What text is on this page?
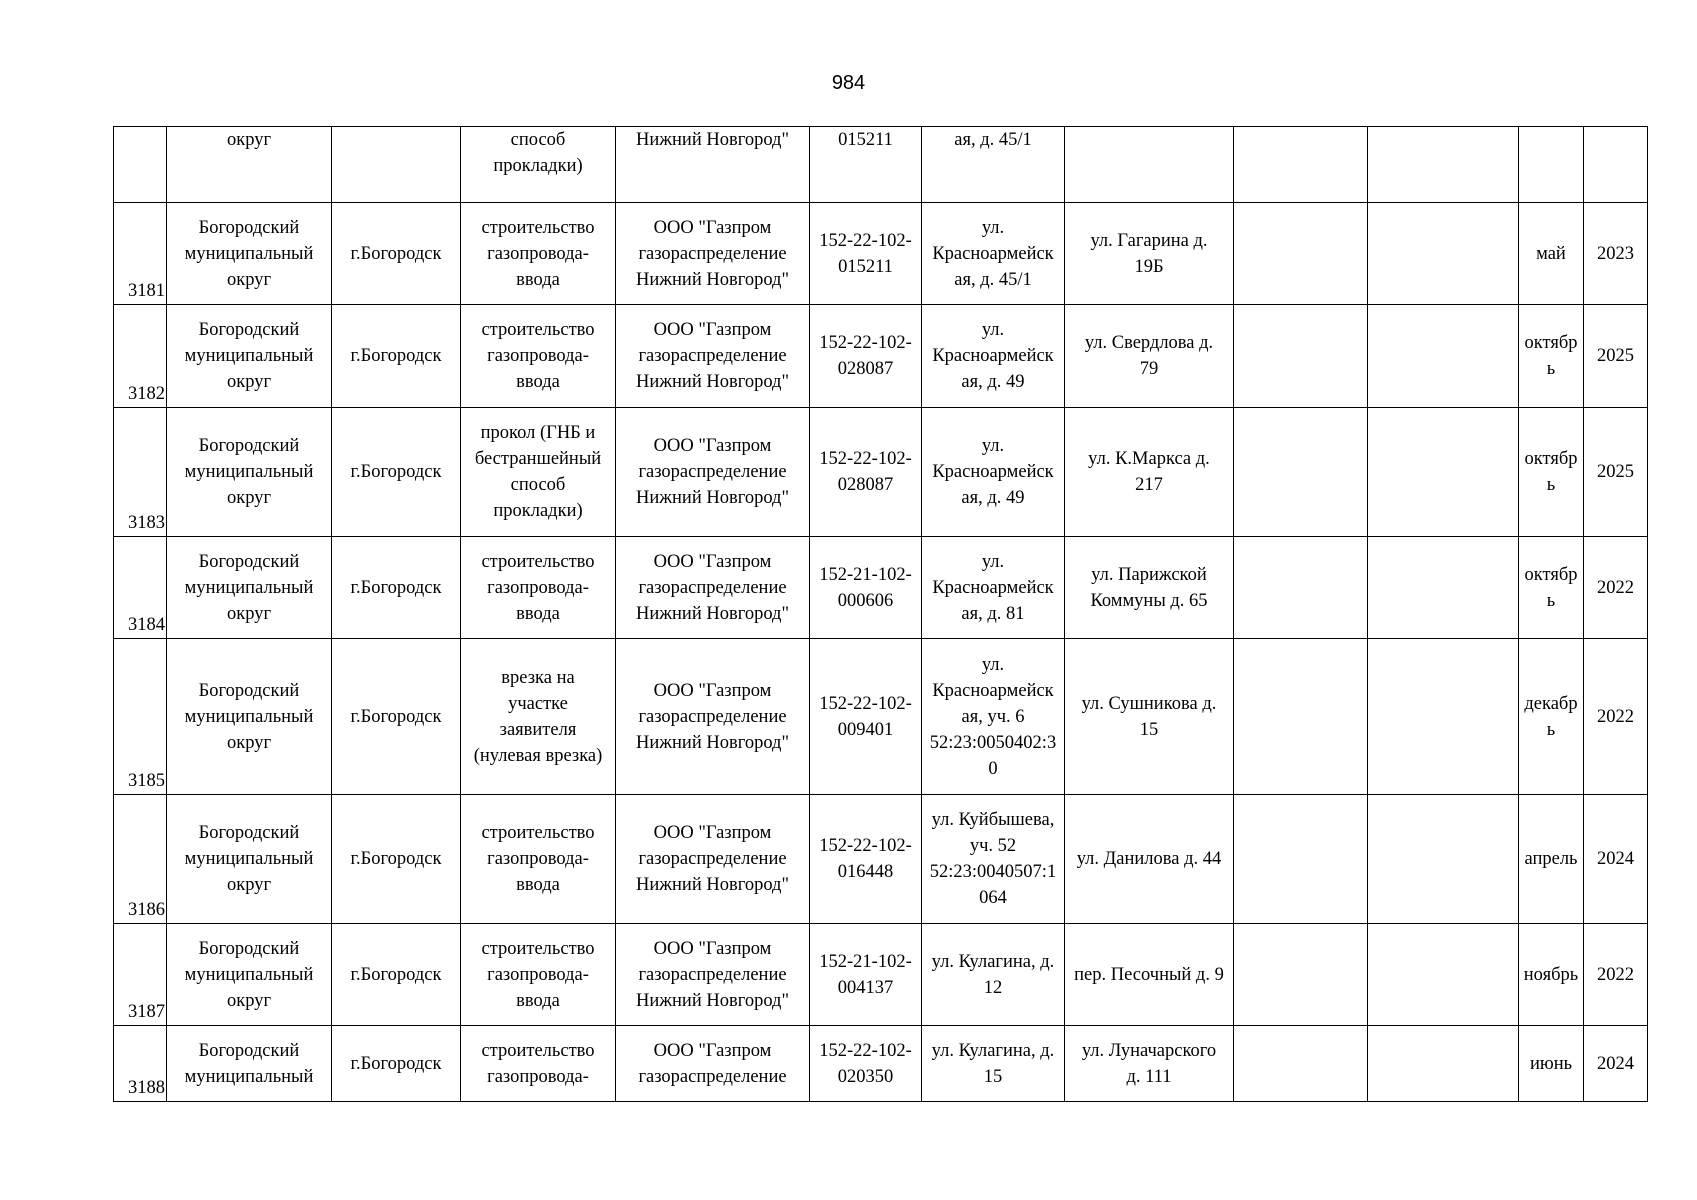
984

	округ		способ
прокладки)	Нижний Новгород"	015211	ая, д. 45/1					

3181	Богородский
муниципальный
округ	г.Богородск	строительство
газопровода-
ввода	ООО "Газпром
газораспределение
Нижний Новгород"	152-22-102-
015211	ул.
Красноармейск
ая, д. 45/1	ул. Гагарина д.
19Б			май	2023

3182	Богородский
муниципальный
округ	г.Богородск	строительство
газопровода-
ввода	ООО "Газпром
газораспределение
Нижний Новгород"	152-22-102-
028087	ул.
Красноармейск
ая, д. 49	ул. Свердлова д.
79			октябр
ь	2025

3183	Богородский
муниципальный
округ	г.Богородск	прокол (ГНБ и
бестраншейный
способ
прокладки)	ООО "Газпром
газораспределение
Нижний Новгород"	152-22-102-
028087	ул.
Красноармейск
ая, д. 49	ул. К.Маркса д.
217			октябр
ь	2025

3184	Богородский
муниципальный
округ	г.Богородск	строительство
газопровода-
ввода	ООО "Газпром
газораспределение
Нижний Новгород"	152-21-102-
000606	ул.
Красноармейск
ая, д. 81	ул. Парижской
Коммуны д. 65			октябр
ь	2022

3185	Богородский
муниципальный
округ	г.Богородск	врезка на
участке
заявителя
(нулевая врезка)	ООО "Газпром
газораспределение
Нижний Новгород"	152-22-102-
009401	ул.
Красноармейск
ая, уч. 6
52:23:0050402:3
0	ул. Сушникова д.
15			декабр
ь	2022

3186	Богородский
муниципальный
округ	г.Богородск	строительство
газопровода-
ввода	ООО "Газпром
газораспределение
Нижний Новгород"	152-22-102-
016448	ул. Куйбышева,
уч. 52
52:23:0040507:1
064	ул. Данилова д. 44			апрель	2024

3187	Богородский
муниципальный
округ	г.Богородск	строительство
газопровода-
ввода	ООО "Газпром
газораспределение
Нижний Новгород"	152-21-102-
004137	ул. Кулагина, д.
12	пер. Песочный д. 9			ноябрь	2022

3188	Богородский
муниципальный	г.Богородск	строительство
газопровода-	ООО "Газпром
газораспределение	152-22-102-
020350	ул. Кулагина, д.
15	ул. Луначарского
д. 111			июнь	2024
